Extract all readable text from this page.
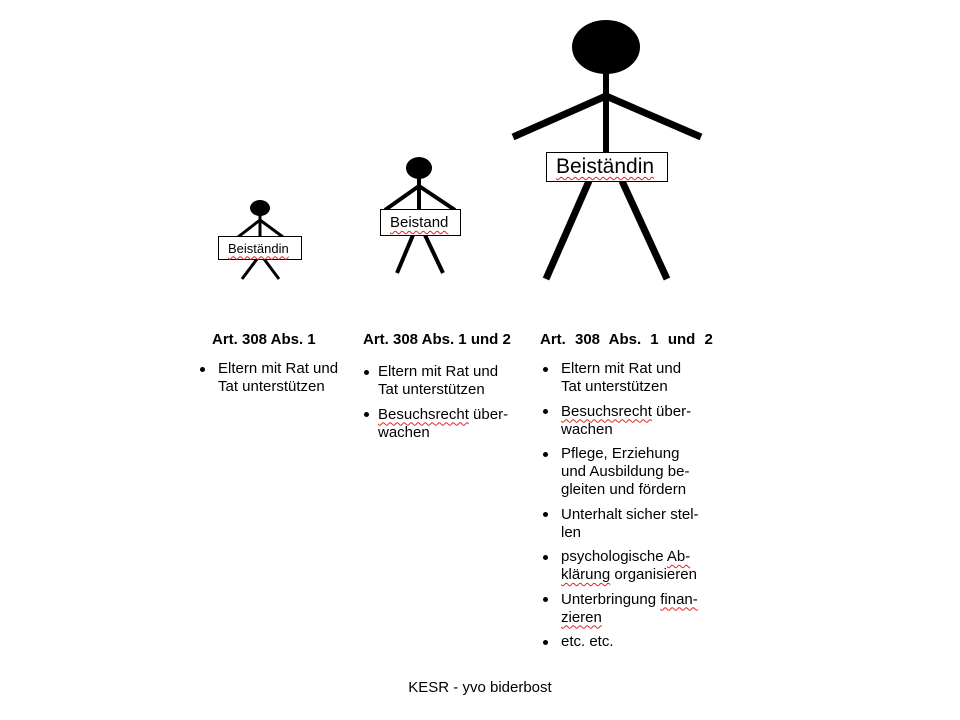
Beiständin
Beistand
Beiständin
Art. 308 Abs. 1	Art. 308 Abs. 1 und 2 Art. 308 Abs. 1 und 2
Eltern mit Rat und
Tat unterstützen
Eltern mit Rat und
Tat unterstützen
Besuchsrecht über-
wachen
Eltern mit Rat und
Tat unterstützen
Besuchsrecht über-
wachen
Pflege, Erziehung
und Ausbildung be-
gleiten und fördern
Unterhalt sicher stel-
len
psychologische Ab-
klärung organisieren
Unterbringung finan-
zieren
etc. etc.
KESR - yvo biderbost
